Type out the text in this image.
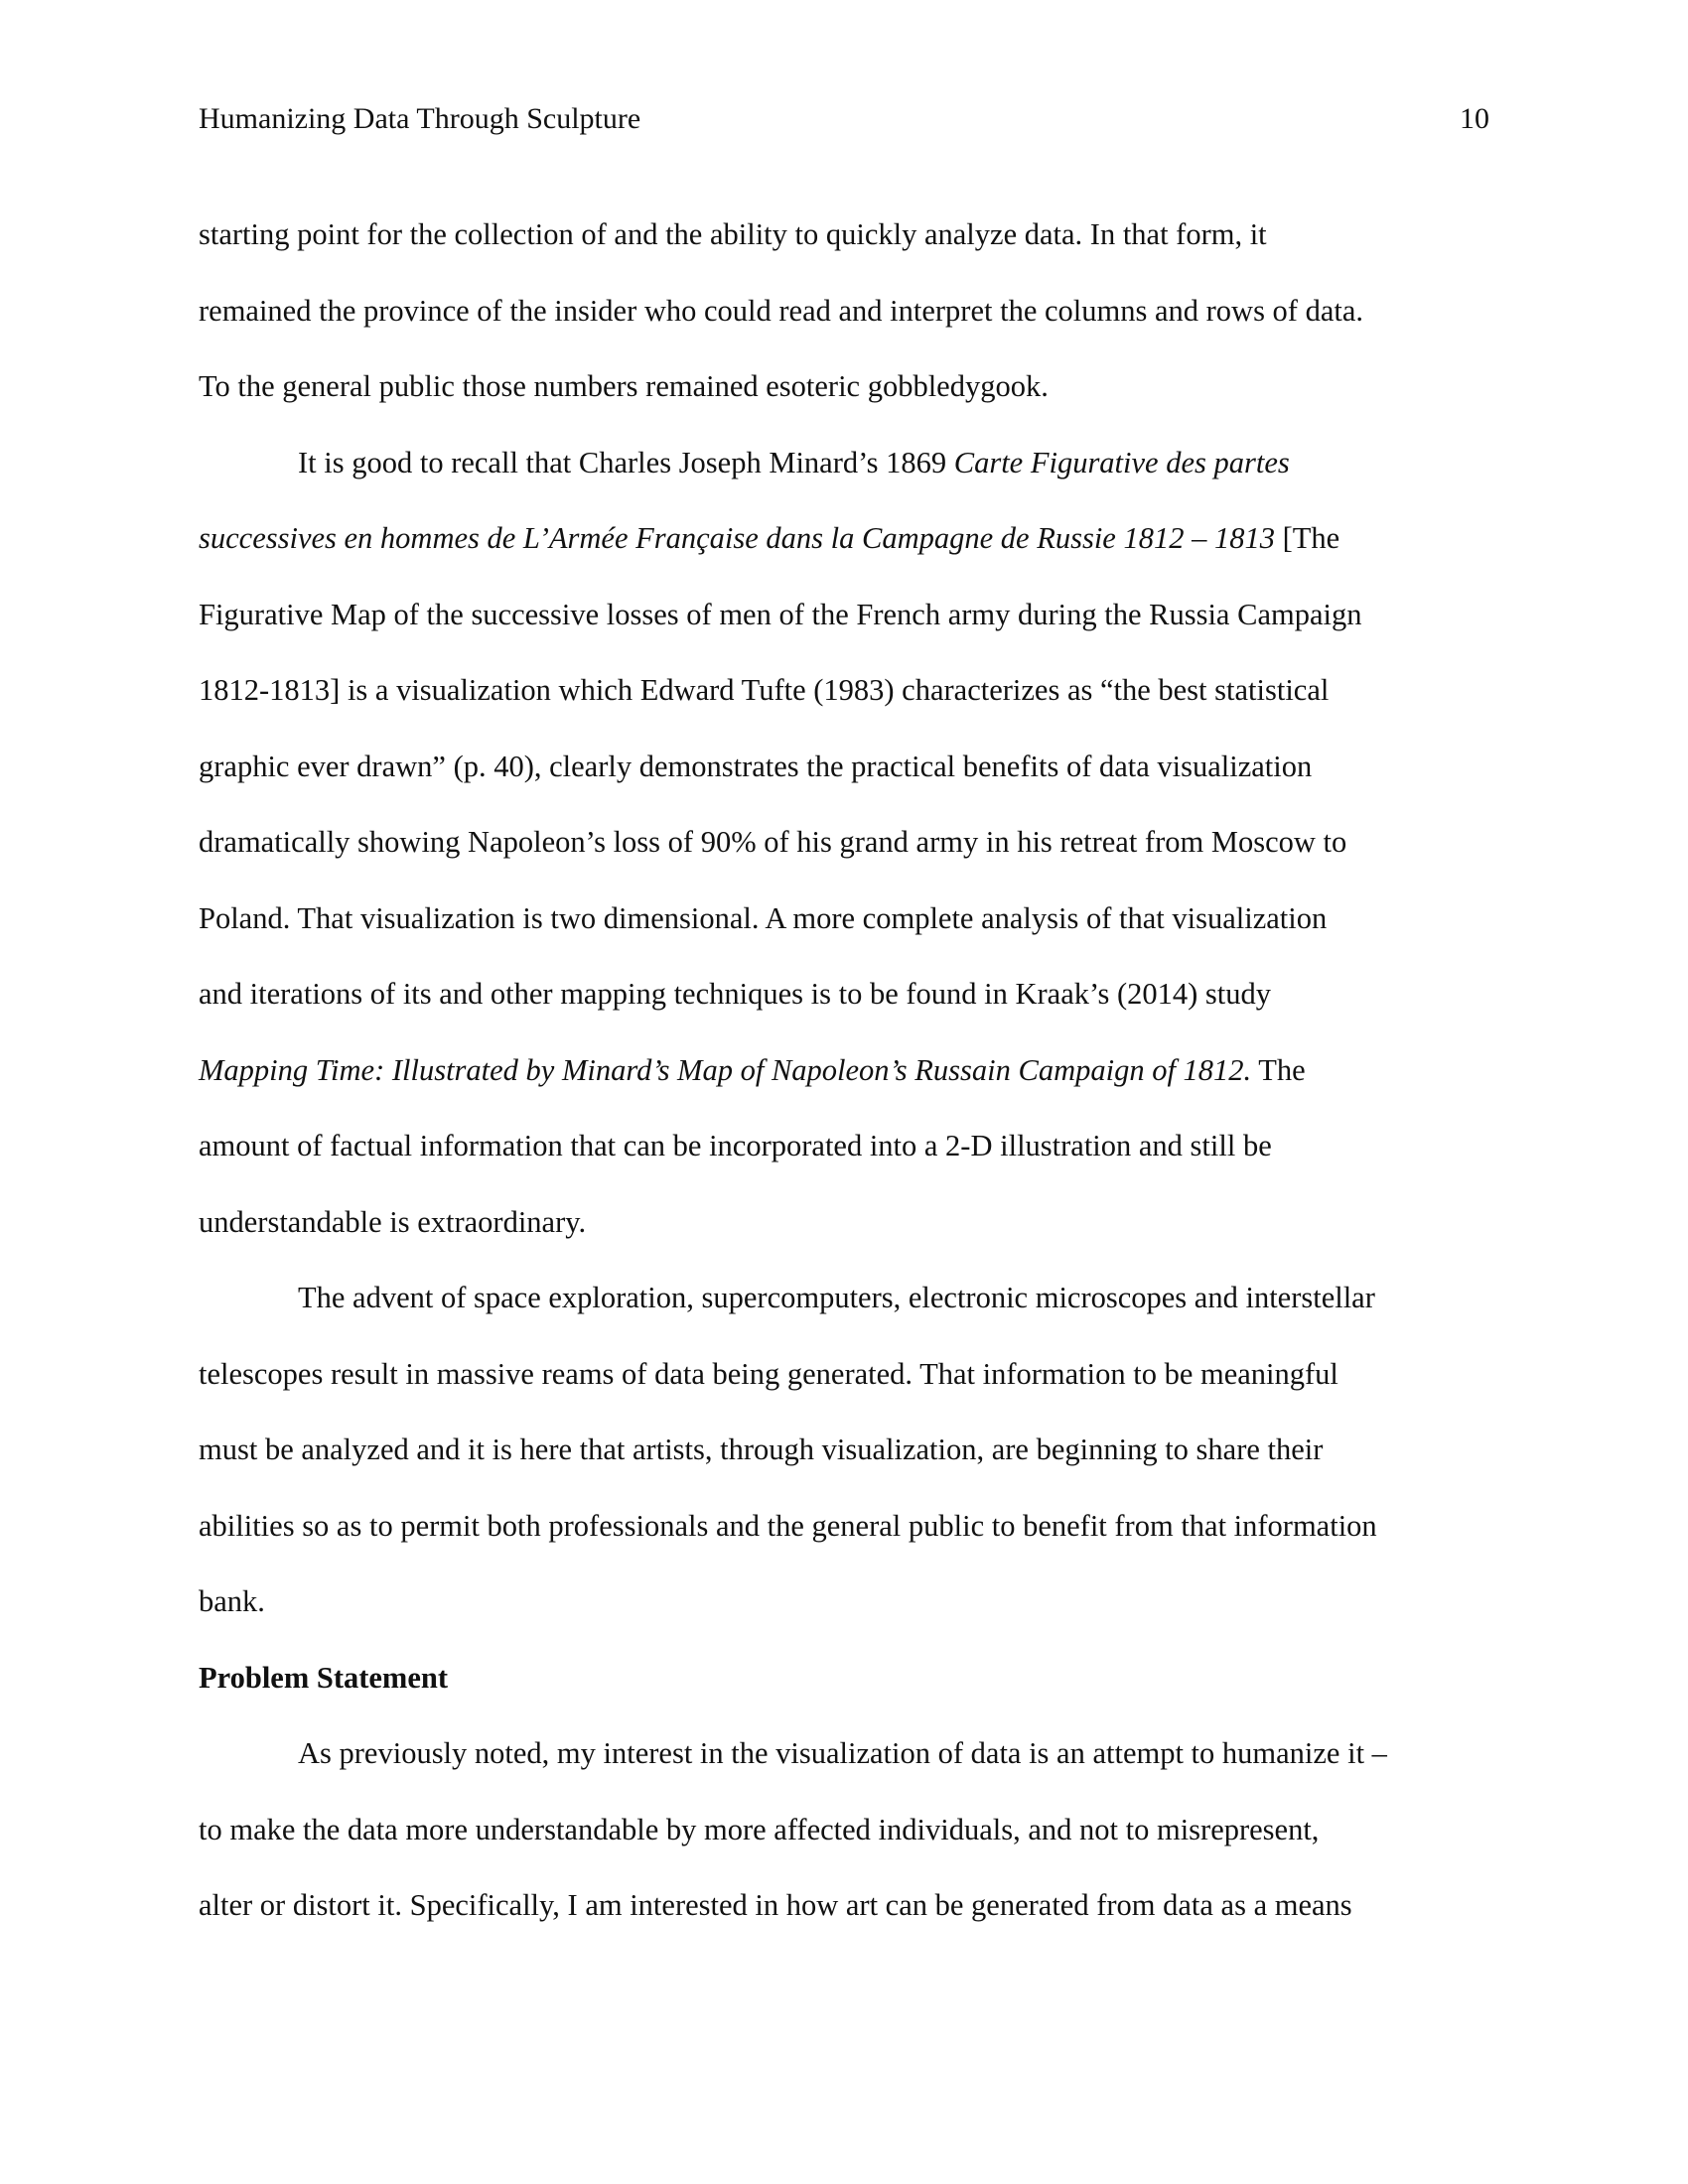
Humanizing Data Through Sculpture	10
starting point for the collection of and the ability to quickly analyze data. In that form, it
remained the province of the insider who could read and interpret the columns and rows of data.
To the general public those numbers remained esoteric gobbledygook.
It is good to recall that Charles Joseph Minard’s 1869 Carte Figurative des partes
successives en hommes de L’Armée Française dans la Campagne de Russie 1812 – 1813 [The
Figurative Map of the successive losses of men of the French army during the Russia Campaign
1812-1813] is a visualization which Edward Tufte (1983) characterizes as “the best statistical
graphic ever drawn” (p. 40), clearly demonstrates the practical benefits of data visualization
dramatically showing Napoleon’s loss of 90% of his grand army in his retreat from Moscow to
Poland. That visualization is two dimensional. A more complete analysis of that visualization
and iterations of its and other mapping techniques is to be found in Kraak’s (2014) study
Mapping Time: Illustrated by Minard’s Map of Napoleon’s Russain Campaign of 1812. The
amount of factual information that can be incorporated into a 2-D illustration and still be
understandable is extraordinary.
The advent of space exploration, supercomputers, electronic microscopes and interstellar
telescopes result in massive reams of data being generated. That information to be meaningful
must be analyzed and it is here that artists, through visualization, are beginning to share their
abilities so as to permit both professionals and the general public to benefit from that information
bank.
Problem Statement
As previously noted, my interest in the visualization of data is an attempt to humanize it –
to make the data more understandable by more affected individuals, and not to misrepresent,
alter or distort it. Specifically, I am interested in how art can be generated from data as a means
